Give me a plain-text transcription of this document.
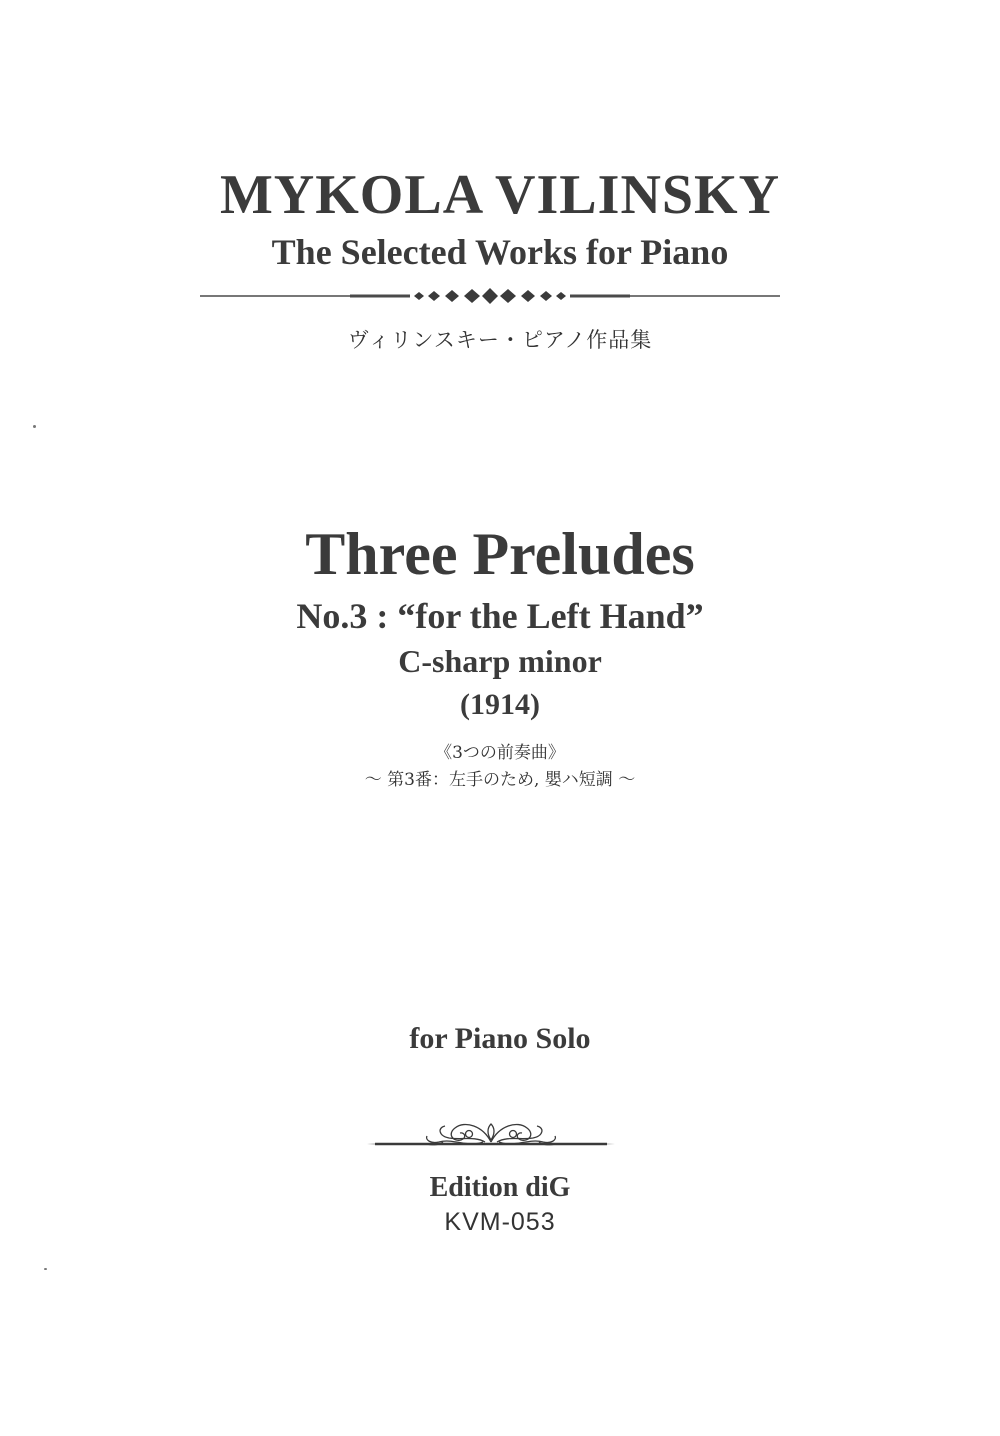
MYKOLA VILINSKY
The Selected Works for Piano
ヴィリンスキー・ピアノ作品集
Three Preludes
No.3 : “for the Left Hand”
C-sharp minor
(1914)
《3つの前奏曲》
〜 第3番：左手のため, 嬰ハ短調 〜
for Piano Solo
Edition diG
KVM-053
